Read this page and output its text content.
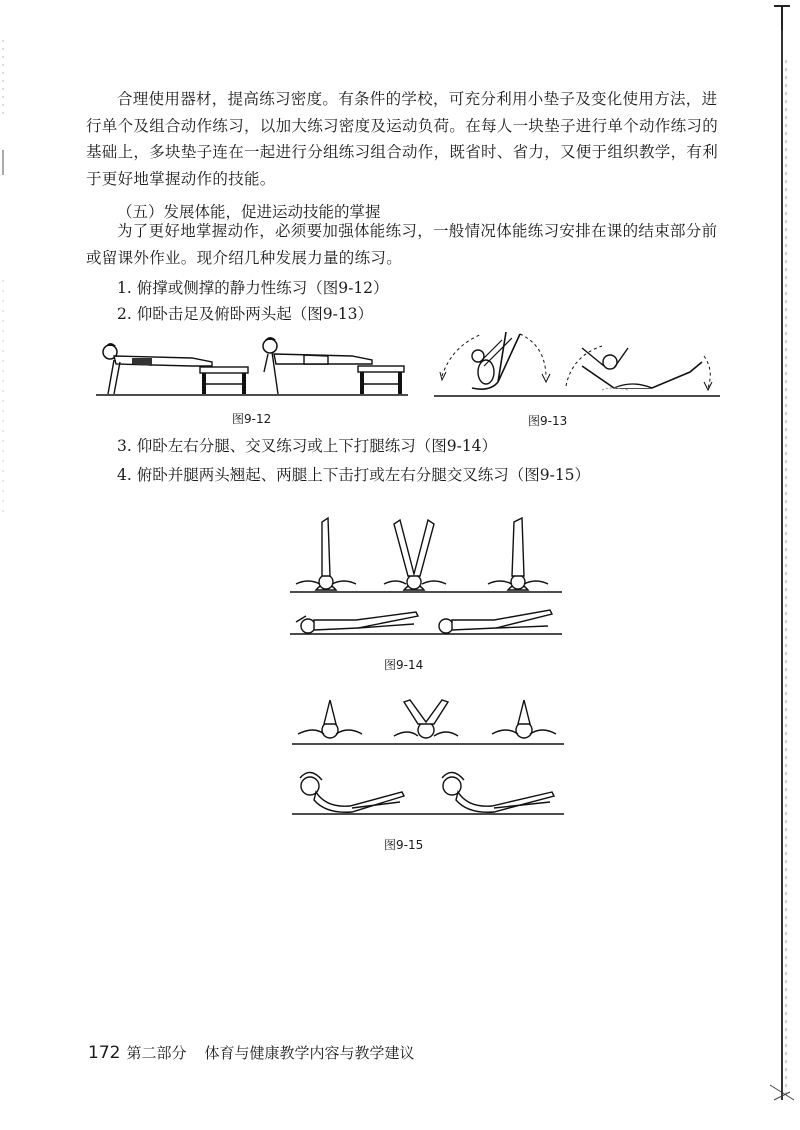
合理使用器材，提高练习密度。有条件的学校，可充分利用小垫子及变化使用方法，进行单个及组合动作练习，以加大练习密度及运动负荷。在每人一块垫子进行单个动作练习的基础上，多块垫子连在一起进行分组练习组合动作，既省时、省力，又便于组织教学，有利于更好地掌握动作的技能。
（五）发展体能，促进运动技能的掌握
为了更好地掌握动作，必须要加强体能练习，一般情况体能练习安排在课的结束部分前或留课外作业。现介绍几种发展力量的练习。
1. 俯撑或侧撑的静力性练习（图9-12）
2. 仰卧击足及俯卧两头起（图9-13）
图9-12	图9-13
3. 仰卧左右分腿、交叉练习或上下打腿练习（图9-14）
4. 俯卧并腿两头翘起、两腿上下击打或左右分腿交叉练习（图9-15）
图9-14
图9-15
172 第二部分 体育与健康教学内容与教学建议
